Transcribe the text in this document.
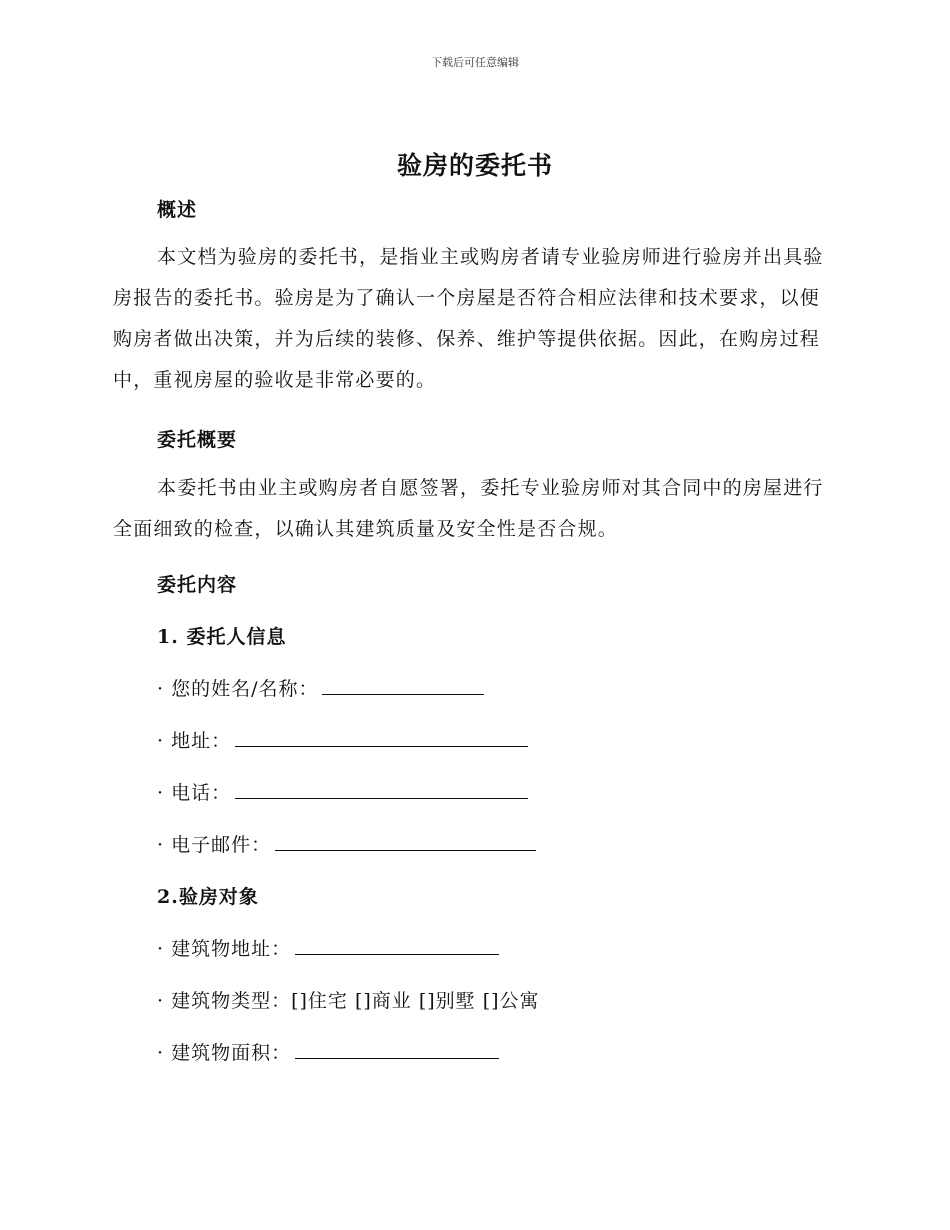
下载后可任意编辑
验房的委托书
概述

本文档为验房的委托书，是指业主或购房者请专业验房师进行验房并出具验房报告的委托书。验房是为了确认一个房屋是否符合相应法律和技术要求，以便购房者做出决策，并为后续的装修、保养、维护等提供依据。因此，在购房过程中，重视房屋的验收是非常必要的。

委托概要

本委托书由业主或购房者自愿签署，委托专业验房师对其合同中的房屋进行全面细致的检查，以确认其建筑质量及安全性是否合规。

委托内容
1. 委托人信息
· 您的姓名/名称：
· 地址：
· 电话：
· 电子邮件：
2.验房对象
· 建筑物地址：
· 建筑物类型：[]住宅 []商业 []别墅 []公寓
· 建筑物面积：
